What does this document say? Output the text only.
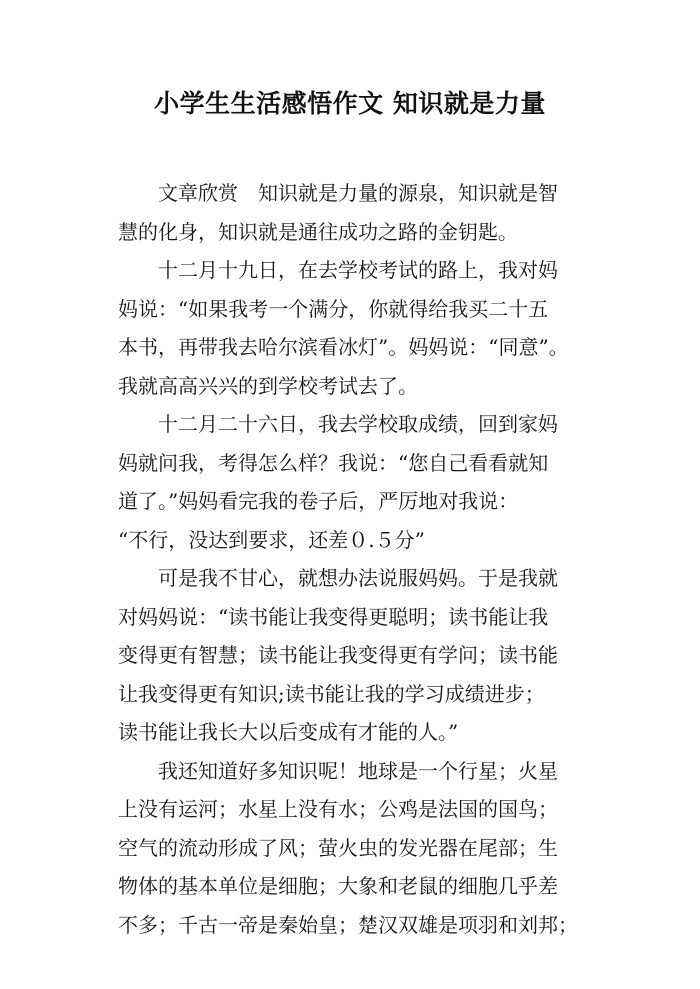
小学生生活感悟作文 知识就是力量
文章欣赏　知识就是力量的源泉，知识就是智
慧的化身，知识就是通往成功之路的金钥匙。
十二月十九日，在去学校考试的路上，我对妈
妈说：“如果我考一个满分，你就得给我买二十五
本书，再带我去哈尔滨看冰灯”。妈妈说：“同意”。
我就高高兴兴的到学校考试去了。
十二月二十六日，我去学校取成绩，回到家妈
妈就问我，考得怎么样？我说：“您自己看看就知
道了。”妈妈看完我的卷子后，严厉地对我说：
“不行，没达到要求，还差０.５分”
可是我不甘心，就想办法说服妈妈。于是我就
对妈妈说：“读书能让我变得更聪明；读书能让我
变得更有智慧；读书能让我变得更有学问；读书能
让我变得更有知识;读书能让我的学习成绩进步；
读书能让我长大以后变成有才能的人。”
我还知道好多知识呢！地球是一个行星；火星
上没有运河；水星上没有水；公鸡是法国的国鸟；
空气的流动形成了风；萤火虫的发光器在尾部；生
物体的基本单位是细胞；大象和老鼠的细胞几乎差
不多；千古一帝是秦始皇；楚汉双雄是项羽和刘邦；
